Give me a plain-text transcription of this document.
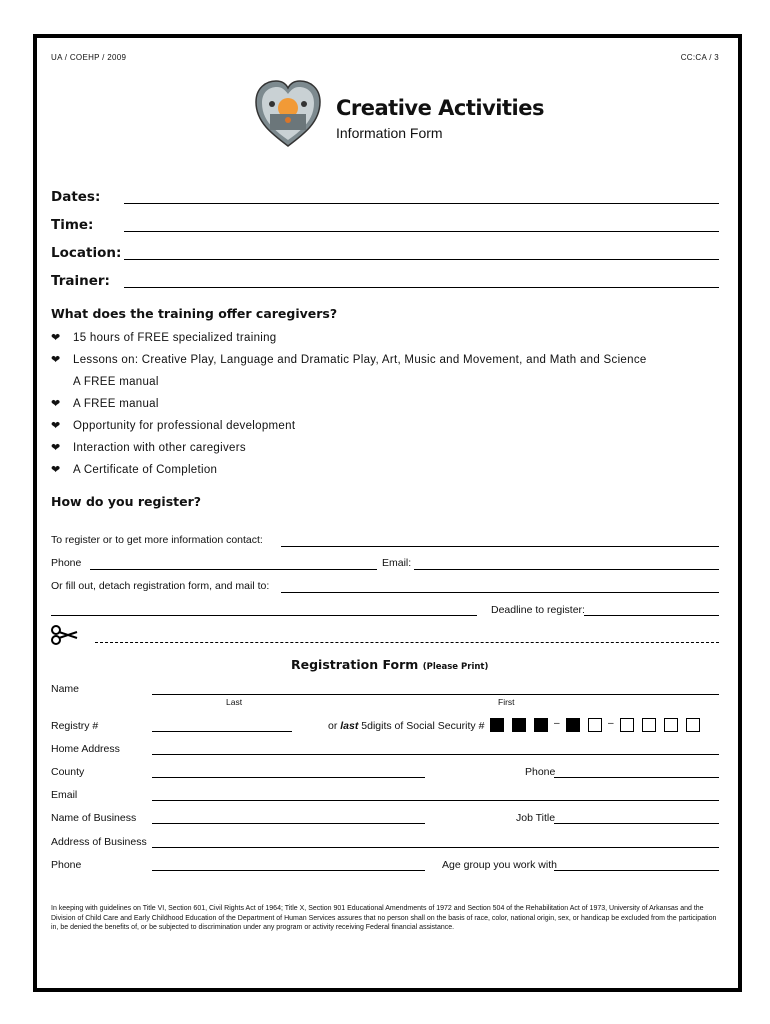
UA / COEHP / 2009	CC:CA / 3
Creative Activities
Information Form
Dates:
Time:
Location:
Trainer:
What does the training offer caregivers?
❤ 15 hours of FREE specialized training
❤ Lessons on: Creative Play, Language and Dramatic Play, Art, Music and Movement, and Math and Science
A FREE manual
❤ A FREE manual
❤ Opportunity for professional development
❤ Interaction with other caregivers
❤ A Certificate of Completion
How do you register?
To register or to get more information contact:
Phone	Email:
Or fill out, detach registration form, and mail to:
Deadline to register:
Registration Form (Please Print)
Name
Last	First
Registry #	or last 5digits of Social Security #	–	–
Home Address
County	Phone
Email
Name of Business	Job Title
Address of Business
Phone	Age group you work with
In keeping with guidelines on Title VI, Section 601, Civil Rights Act of 1964; Title X, Section 901 Educational Amendments of 1972 and Section 504 of the Rehabilitation Act of 1973, University of Arkansas and the Division of Child Care and Early Childhood Education of the Department of Human Services assures that no person shall on the basis of race, color, national origin, sex, or handicap be excluded from the participation in, be denied the benefits of, or be subjected to discrimination under any program or activity receiving Federal financial assistance.
